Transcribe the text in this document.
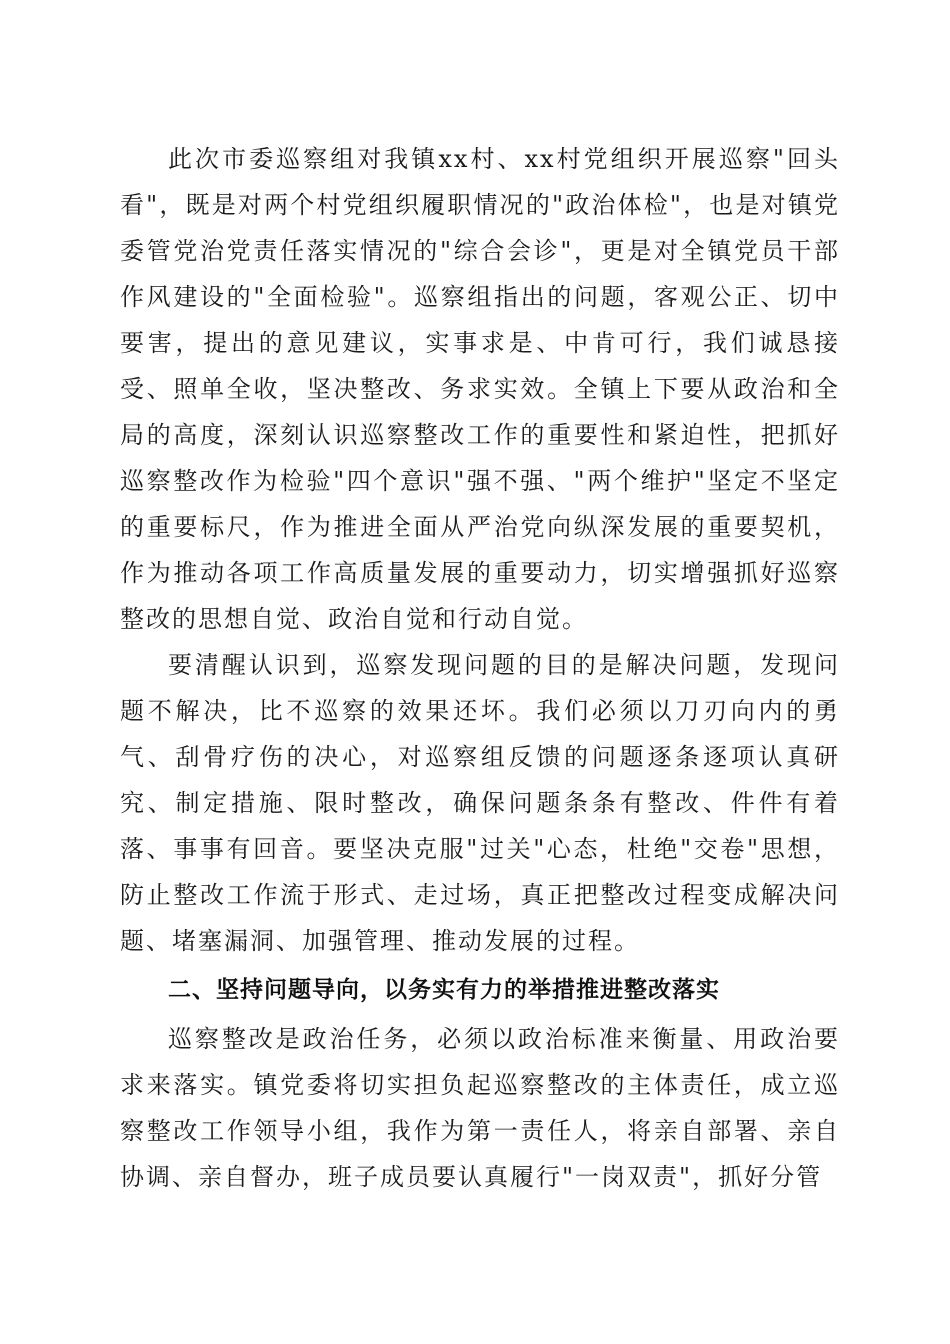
此次市委巡察组对我镇xx村、xx村党组织开展巡察"回头看"，既是对两个村党组织履职情况的"政治体检"，也是对镇党委管党治党责任落实情况的"综合会诊"，更是对全镇党员干部作风建设的"全面检验"。巡察组指出的问题，客观公正、切中要害，提出的意见建议，实事求是、中肯可行，我们诚恳接受、照单全收，坚决整改、务求实效。全镇上下要从政治和全局的高度，深刻认识巡察整改工作的重要性和紧迫性，把抓好巡察整改作为检验"四个意识"强不强、"两个维护"坚定不坚定的重要标尺，作为推进全面从严治党向纵深发展的重要契机，作为推动各项工作高质量发展的重要动力，切实增强抓好巡察整改的思想自觉、政治自觉和行动自觉。

要清醒认识到，巡察发现问题的目的是解决问题，发现问题不解决，比不巡察的效果还坏。我们必须以刀刃向内的勇气、刮骨疗伤的决心，对巡察组反馈的问题逐条逐项认真研究、制定措施、限时整改，确保问题条条有整改、件件有着落、事事有回音。要坚决克服"过关"心态，杜绝"交卷"思想，防止整改工作流于形式、走过场，真正把整改过程变成解决问题、堵塞漏洞、加强管理、推动发展的过程。

二、坚持问题导向，以务实有力的举措推进整改落实

巡察整改是政治任务，必须以政治标准来衡量、用政治要求来落实。镇党委将切实担负起巡察整改的主体责任，成立巡察整改工作领导小组，我作为第一责任人，将亲自部署、亲自协调、亲自督办，班子成员要认真履行"一岗双责"，抓好分管
